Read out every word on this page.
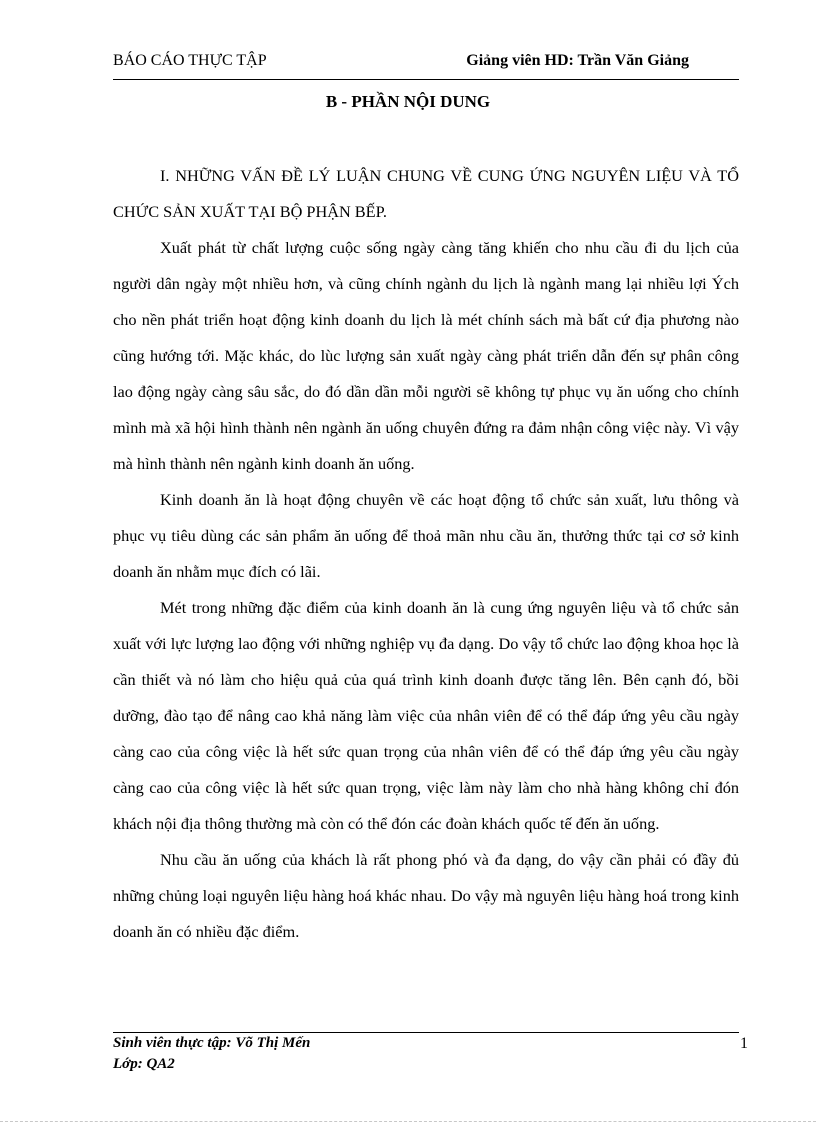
BÁO CÁO THỰC TẬP	Giảng viên HD: Trần Văn Giảng
B - PHẦN NỘI DUNG

I. NHỮNG VẤN ĐỀ LÝ LUẬN CHUNG VỀ CUNG ỨNG NGUYÊN LIỆU VÀ TỔ CHỨC SẢN XUẤT TẠI BỘ PHẬN BẾP.

Xuất phát từ chất lượng cuộc sống ngày càng tăng khiến cho nhu cầu đi du lịch của người dân ngày một nhiều hơn, và cũng chính ngành du lịch là ngành mang lại nhiều lợi Ých cho nền phát triển hoạt động kinh doanh du lịch là mét chính sách mà bất cứ địa phương nào cũng hướng tới. Mặc khác, do lùc lượng sản xuất ngày càng phát triển dẫn đến sự phân công lao động ngày càng sâu sắc, do đó dần dần mỗi người sẽ không tự phục vụ ăn uống cho chính mình mà xã hội hình thành nên ngành ăn uống chuyên đứng ra đảm nhận công việc này. Vì vậy mà hình thành nên ngành kinh doanh ăn uống.

Kinh doanh ăn là hoạt động chuyên về các hoạt động tổ chức sản xuất, lưu thông và phục vụ tiêu dùng các sản phẩm ăn uống để thoả mãn nhu cầu ăn, thưởng thức tại cơ sở kinh doanh ăn nhằm mục đích có lãi.

Mét trong những đặc điểm của kinh doanh ăn là cung ứng nguyên liệu và tổ chức sản xuất với lực lượng lao động với những nghiệp vụ đa dạng. Do vậy tổ chức lao động khoa học là cần thiết và nó làm cho hiệu quả của quá trình kinh doanh được tăng lên. Bên cạnh đó, bồi dưỡng, đào tạo để nâng cao khả năng làm việc của nhân viên để có thể đáp ứng yêu cầu ngày càng cao của công việc là hết sức quan trọng của nhân viên để có thể đáp ứng yêu cầu ngày càng cao của công việc là hết sức quan trọng, việc làm này làm cho nhà hàng không chỉ đón khách nội địa thông thường mà còn có thể đón các đoàn khách quốc tế đến ăn uống.

Nhu cầu ăn uống của khách là rất phong phó và đa dạng, do vậy cần phải có đầy đủ những chủng loại nguyên liệu hàng hoá khác nhau. Do vậy mà nguyên liệu hàng hoá trong kinh doanh ăn có nhiều đặc điểm.

Sinh viên thực tập: Võ Thị Mến
Lớp: QA2
1
